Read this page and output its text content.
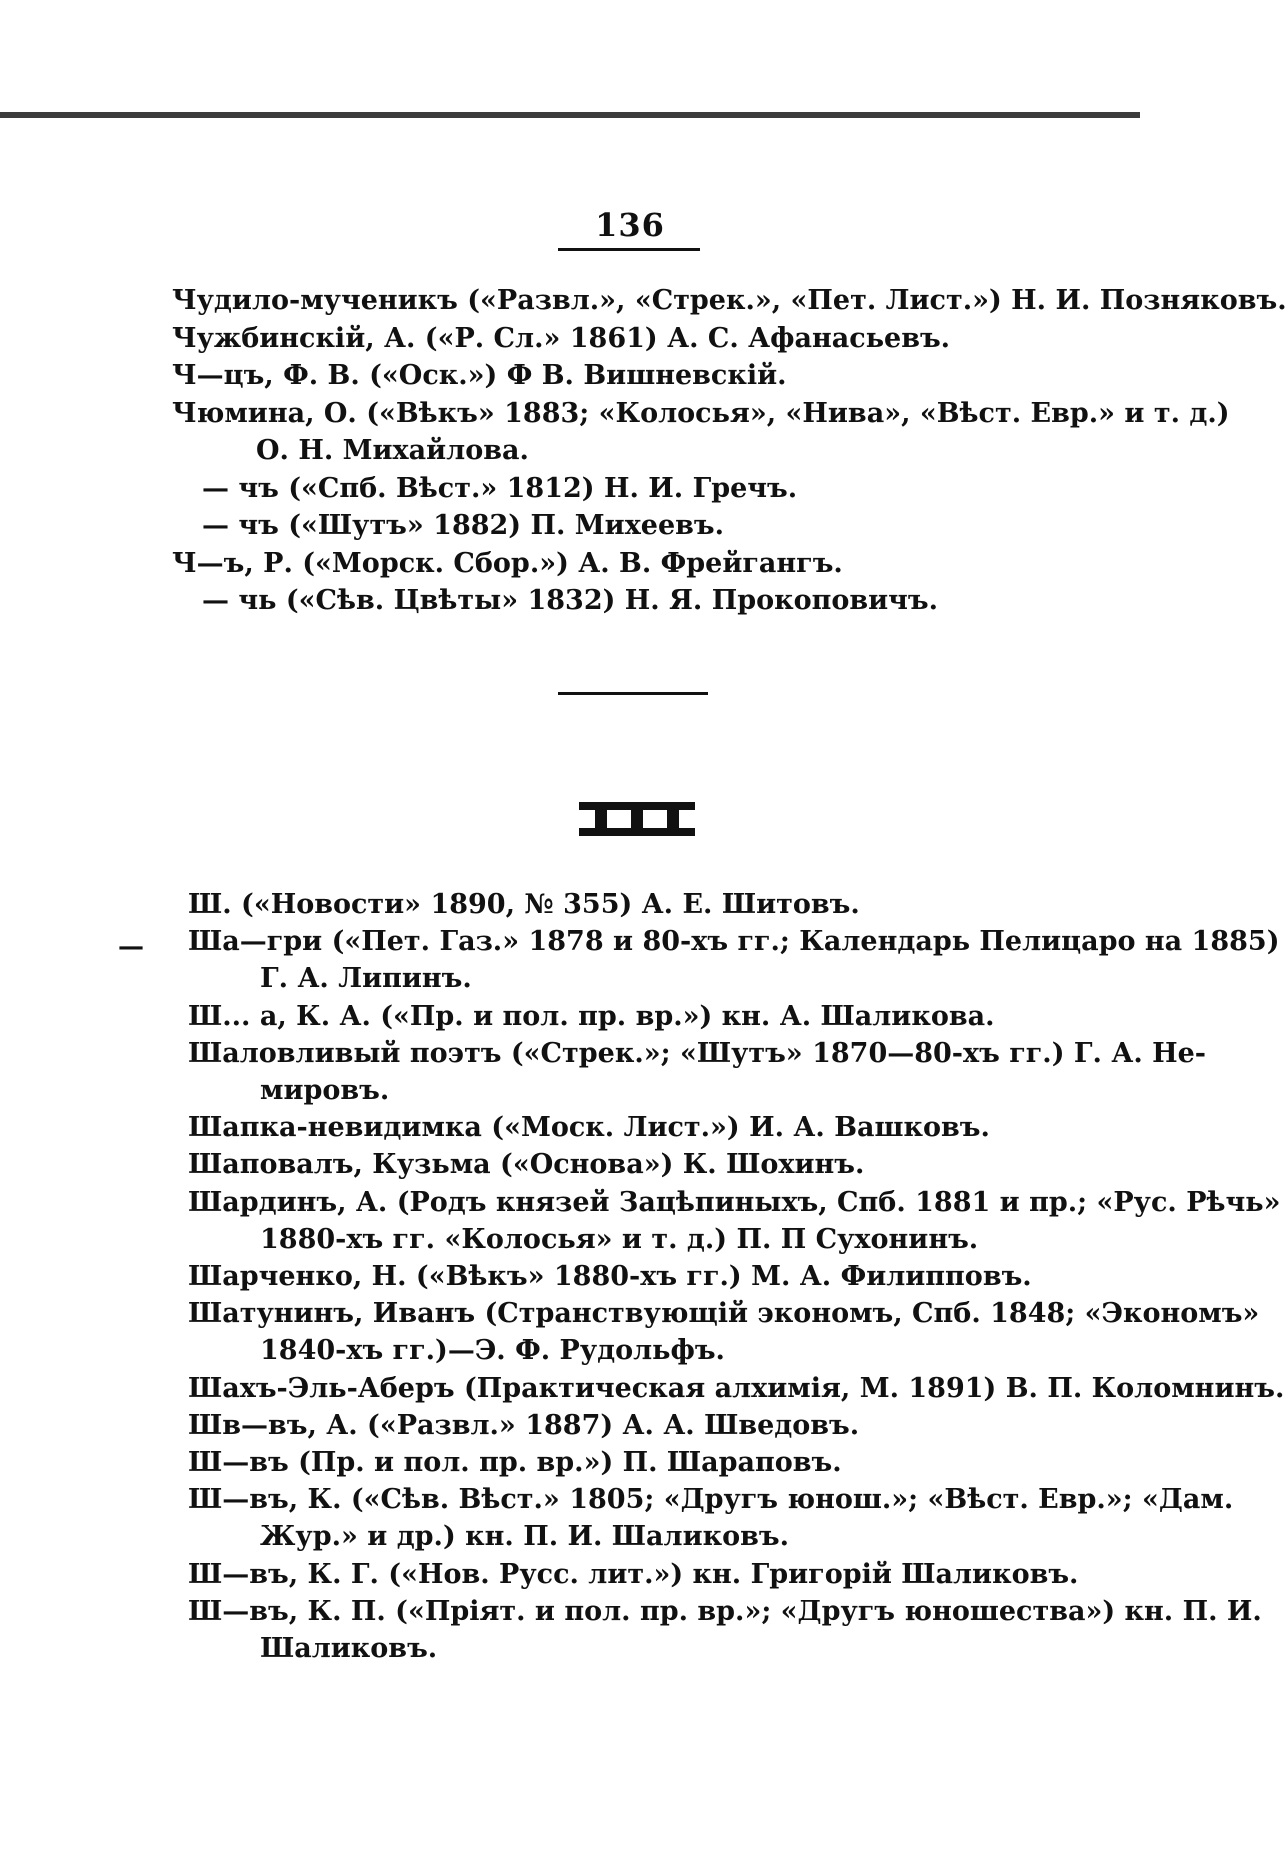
136
Чудило-мученикъ («Развл.», «Стрек.», «Пет. Лист.») Н. И. Позняковъ.
Чужбинскій, А. («Р. Сл.» 1861) А. С. Афанасьевъ.
Ч—цъ, Ф. В. («Оск.») Ф В. Вишневскій.
Чюмина, О. («Вѣкъ» 1883; «Колосья», «Нива», «Вѣст. Евр.» и т. д.)
О. Н. Михайлова.
— чъ («Спб. Вѣст.» 1812) Н. И. Гречъ.
— чъ («Шутъ» 1882) П. Михеевъ.
Ч—ъ, Р. («Морск. Сбор.») А. В. Фрейгангъ.
— чь («Сѣв. Цвѣты» 1832) Н. Я. Прокоповичъ.
—
Ш. («Новости» 1890, № 355) А. Е. Шитовъ.
Ша—гри («Пет. Газ.» 1878 и 80-хъ гг.; Календарь Пелицаро на 1885)
Г. А. Липинъ.
Ш... а, К. А. («Пр. и пол. пр. вр.») кн. А. Шаликова.
Шаловливый поэтъ («Стрек.»; «Шутъ» 1870—80-хъ гг.) Г. А. Не-
мировъ.
Шапка-невидимка («Моск. Лист.») И. А. Вашковъ.
Шаповалъ, Кузьма («Основа») К. Шохинъ.
Шардинъ, А. (Родъ князей Зацѣпиныхъ, Спб. 1881 и пр.; «Рус. Рѣчь»
1880-хъ гг. «Колосья» и т. д.) П. П Сухонинъ.
Шарченко, Н. («Вѣкъ» 1880-хъ гг.) М. А. Филипповъ.
Шатунинъ, Иванъ (Странствующій экономъ, Спб. 1848; «Экономъ»
1840-хъ гг.)—Э. Ф. Рудольфъ.
Шахъ-Эль-Аберъ (Практическая алхимія, М. 1891) В. П. Коломнинъ.
Шв—въ, А. («Развл.» 1887) А. А. Шведовъ.
Ш—въ (Пр. и пол. пр. вр.») П. Шараповъ.
Ш—въ, К. («Сѣв. Вѣст.» 1805; «Другъ юнош.»; «Вѣст. Евр.»; «Дам.
Жур.» и др.) кн. П. И. Шаликовъ.
Ш—въ, К. Г. («Нов. Русс. лит.») кн. Григорій Шаликовъ.
Ш—въ, К. П. («Пріят. и пол. пр. вр.»; «Другъ юношества») кн. П. И.
Шаликовъ.
